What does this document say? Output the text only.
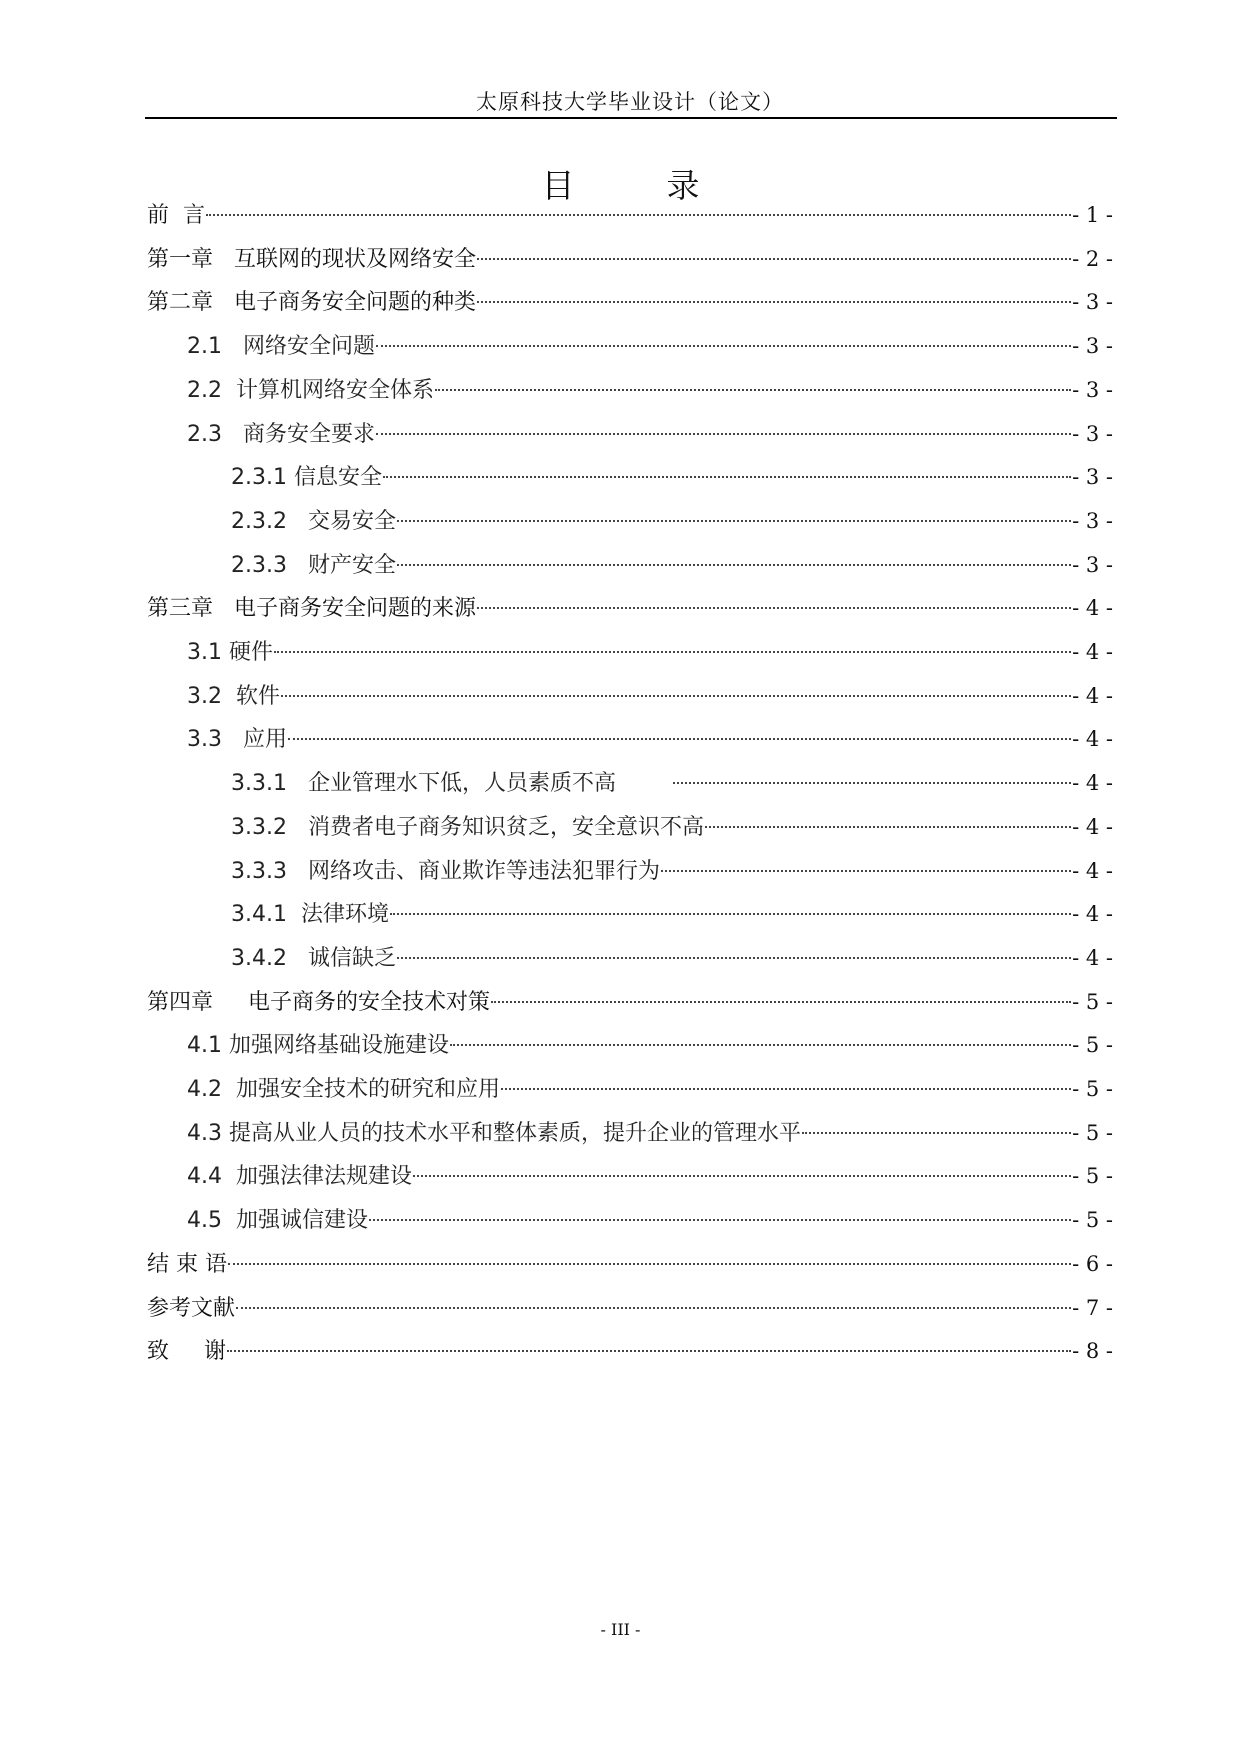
太原科技大学毕业设计（论文）
目	录
前  言	- 1 -
第一章   互联网的现状及网络安全	- 2 -
第二章   电子商务安全问题的种类	- 3 -
2.1   网络安全问题	- 3 -
2.2  计算机网络安全体系	- 3 -
2.3   商务安全要求	- 3 -
2.3.1 信息安全	- 3 -
2.3.2   交易安全	- 3 -
2.3.3   财产安全	- 3 -
第三章   电子商务安全问题的来源	- 4 -
3.1 硬件	- 4 -
3.2  软件	- 4 -
3.3   应用	- 4 -
3.3.1   企业管理水下低，人员素质不高	- 4 -
3.3.2   消费者电子商务知识贫乏，安全意识不高	- 4 -
3.3.3   网络攻击、商业欺诈等违法犯罪行为	- 4 -
3.4.1  法律环境	- 4 -
3.4.2   诚信缺乏	- 4 -
第四章     电子商务的安全技术对策	- 5 -
4.1 加强网络基础设施建设	- 5 -
4.2  加强安全技术的研究和应用	- 5 -
4.3 提高从业人员的技术水平和整体素质，提升企业的管理水平	- 5 -
4.4  加强法律法规建设	- 5 -
4.5  加强诚信建设	- 5 -
结 束 语	- 6 -
参考文献	- 7 -
致     谢	- 8 -
- III -
